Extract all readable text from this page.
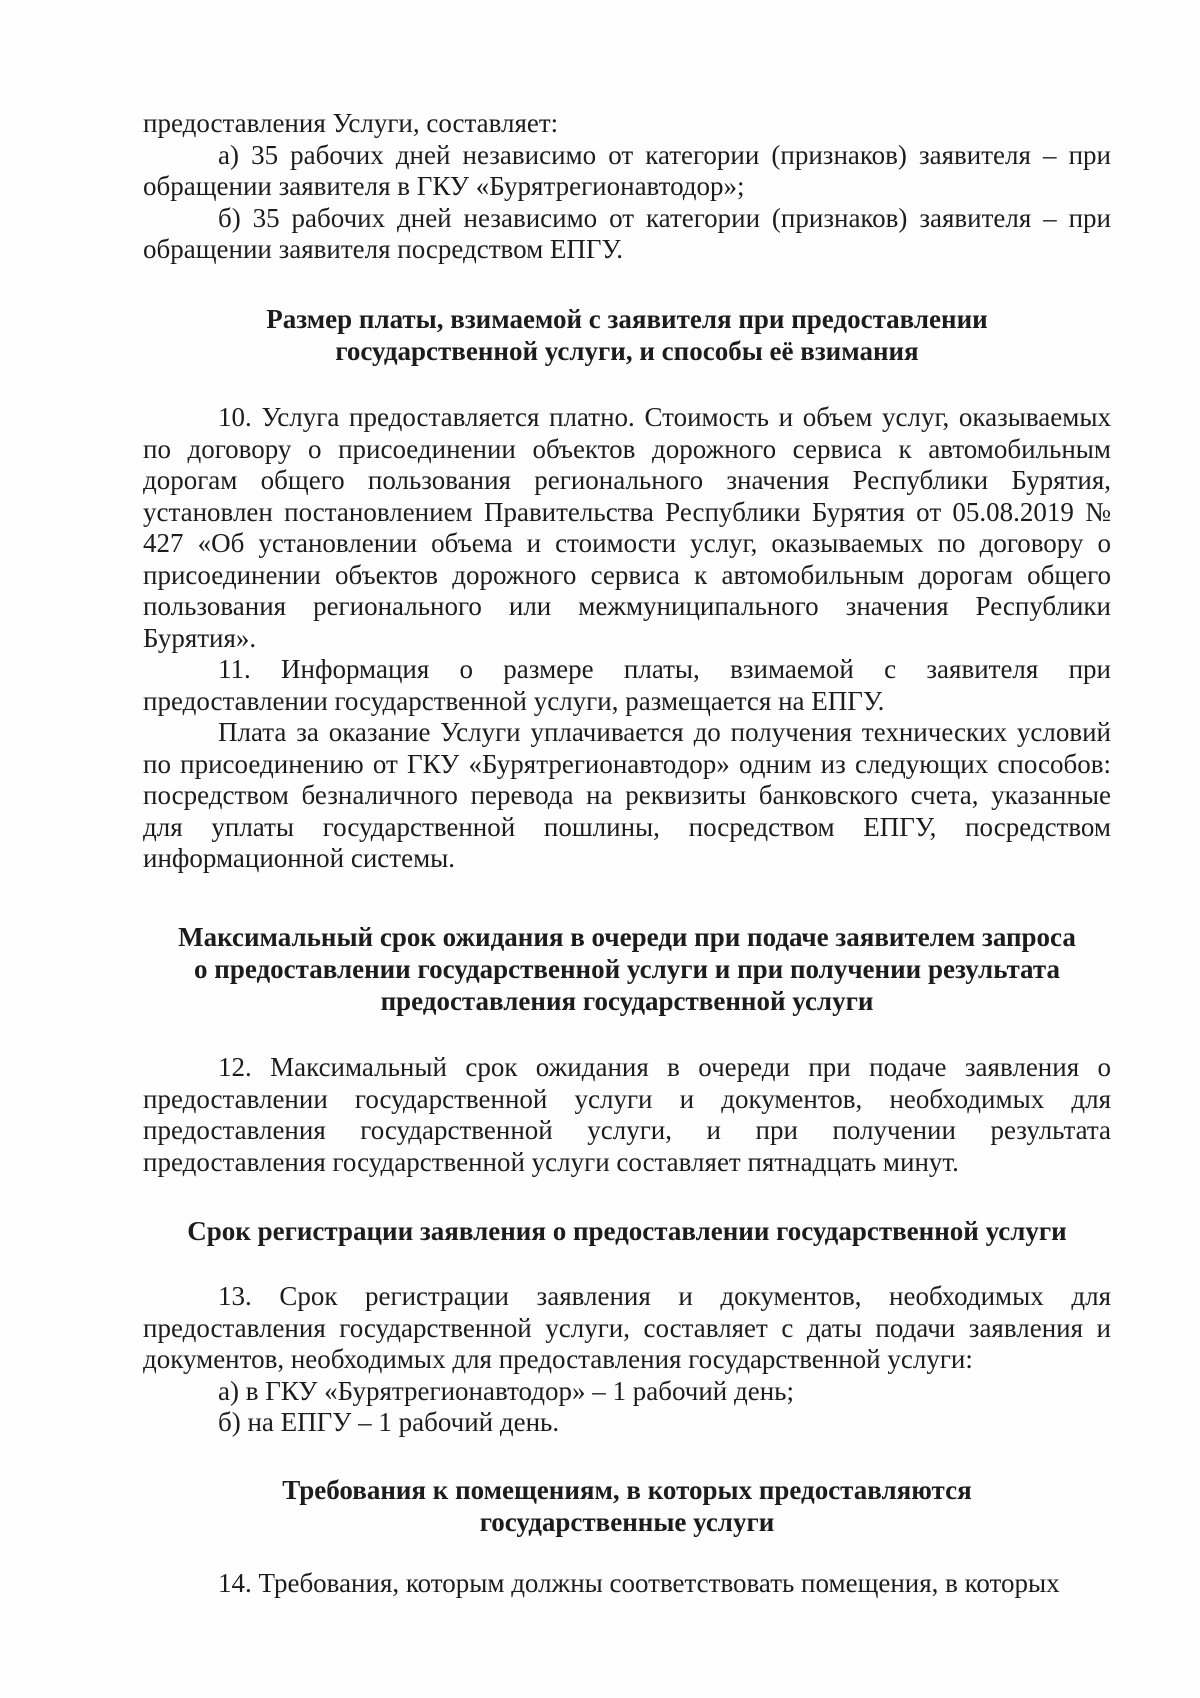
предоставления Услуги, составляет:

а) 35 рабочих дней независимо от категории (признаков) заявителя – при обращении заявителя в ГКУ «Бурятрегионавтодор»;

б) 35 рабочих дней независимо от категории (признаков) заявителя – при обращении заявителя посредством ЕПГУ.

Размер платы, взимаемой с заявителя при предоставлении
государственной услуги, и способы её взимания

10. Услуга предоставляется платно. Стоимость и объем услуг, оказываемых по договору о присоединении объектов дорожного сервиса к автомобильным дорогам общего пользования регионального значения Республики Бурятия, установлен постановлением Правительства Республики Бурятия от 05.08.2019 № 427 «Об установлении объема и стоимости услуг, оказываемых по договору о присоединении объектов дорожного сервиса к автомобильным дорогам общего пользования регионального или межмуниципального значения Республики Бурятия».

11. Информация о размере платы, взимаемой с заявителя при предоставлении государственной услуги, размещается на ЕПГУ.

Плата за оказание Услуги уплачивается до получения технических условий по присоединению от ГКУ «Бурятрегионавтодор» одним из следующих способов: посредством безналичного перевода на реквизиты банковского счета, указанные для уплаты государственной пошлины, посредством ЕПГУ, посредством информационной системы.

Максимальный срок ожидания в очереди при подаче заявителем запроса
о предоставлении государственной услуги и при получении результата
предоставления государственной услуги

12. Максимальный срок ожидания в очереди при подаче заявления о предоставлении государственной услуги и документов, необходимых для предоставления государственной услуги, и при получении результата предоставления государственной услуги составляет пятнадцать минут.

Срок регистрации заявления о предоставлении государственной услуги

13. Срок регистрации заявления и документов, необходимых для предоставления государственной услуги, составляет с даты подачи заявления и документов, необходимых для предоставления государственной услуги:

а) в ГКУ «Бурятрегионавтодор» – 1 рабочий день;

б) на ЕПГУ – 1 рабочий день.

Требования к помещениям, в которых предоставляются
государственные услуги

14. Требования, которым должны соответствовать помещения, в которых
